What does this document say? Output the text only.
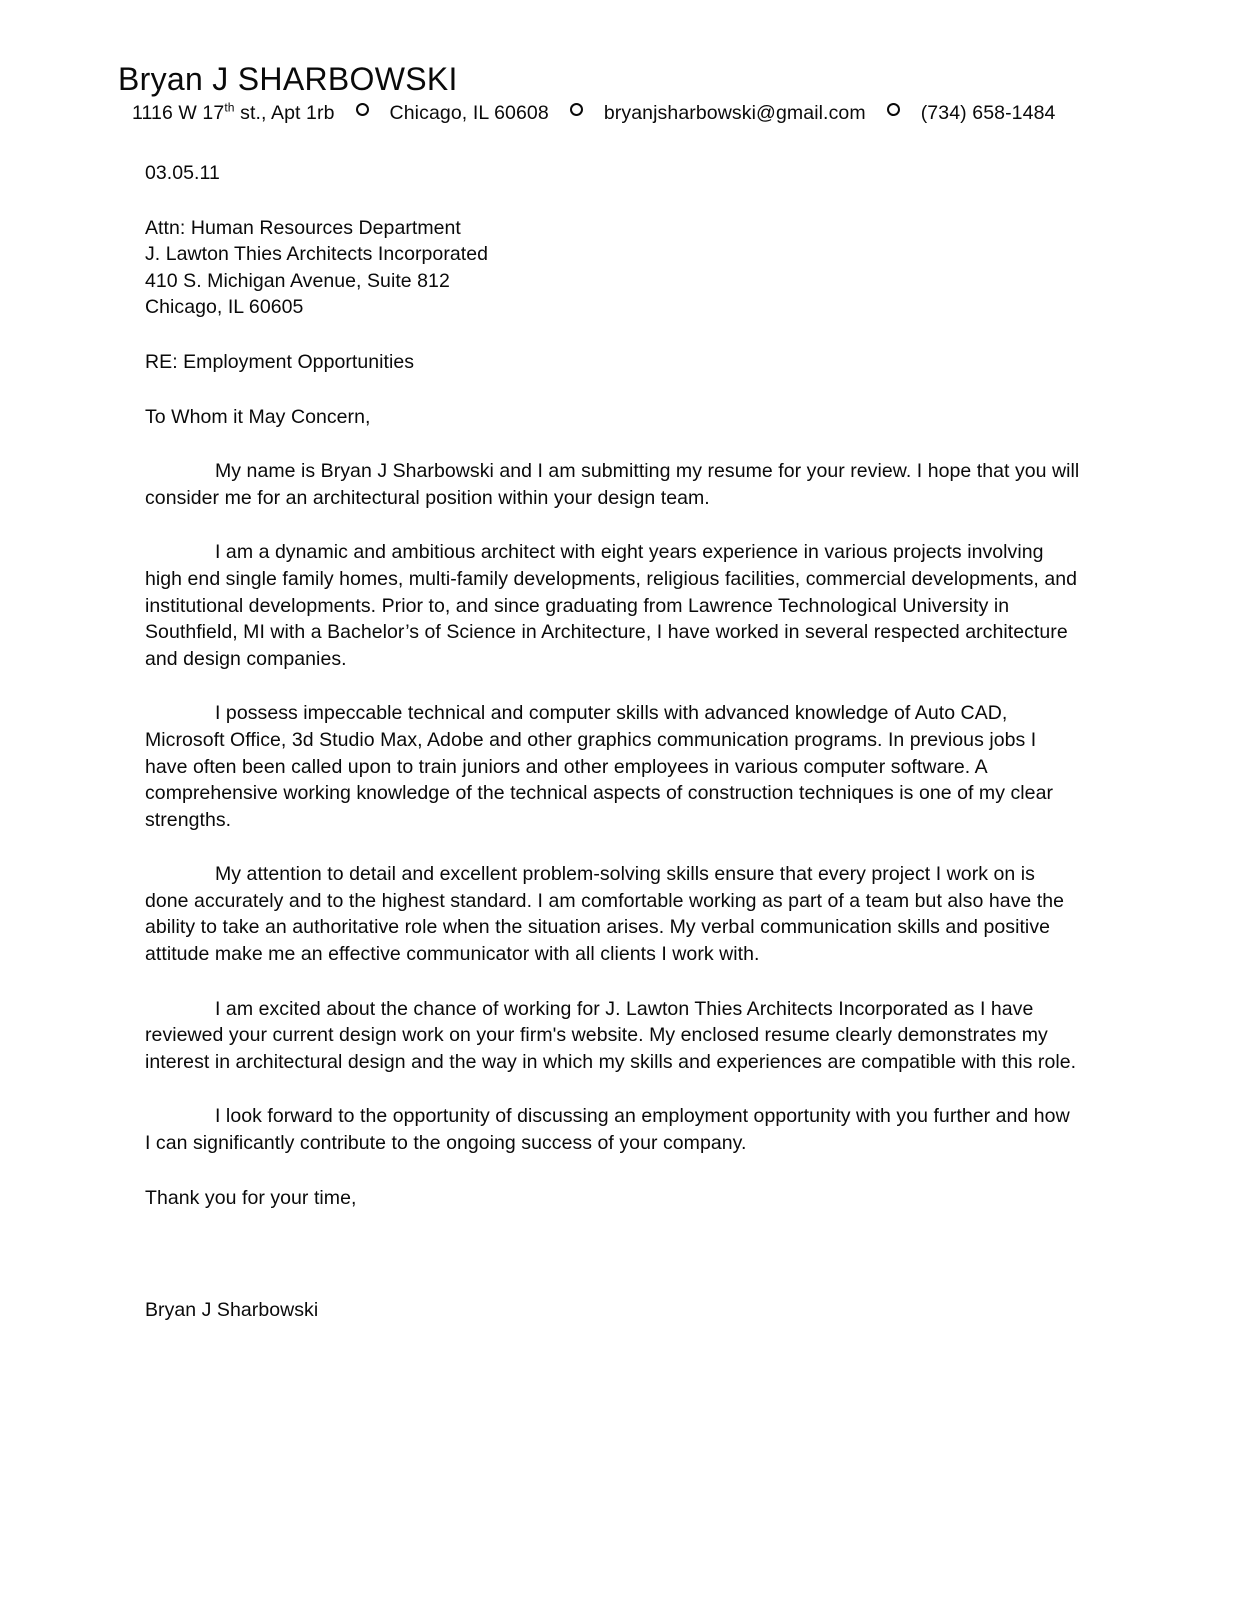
Bryan J SHARBOWSKI
1116 W 17th st., Apt 1rb	Chicago, IL 60608	bryanjsharbowski@gmail.com	(734) 658-1484

03.05.11

Attn: Human Resources Department

J. Lawton Thies Architects Incorporated

410 S. Michigan Avenue, Suite 812

Chicago, IL 60605

RE: Employment Opportunities

To Whom it May Concern,

My name is Bryan J Sharbowski and I am submitting my resume for your review. I hope that you will consider me for an architectural position within your design team.

I am a dynamic and ambitious architect with eight years experience in various projects involving high end single family homes, multi-family developments, religious facilities, commercial developments, and institutional developments. Prior to, and since graduating from Lawrence Technological University in Southfield, MI with a Bachelor’s of Science in Architecture, I have worked in several respected architecture and design companies.

I possess impeccable technical and computer skills with advanced knowledge of Auto CAD, Microsoft Office, 3d Studio Max, Adobe and other graphics communication programs. In previous jobs I have often been called upon to train juniors and other employees in various computer software. A comprehensive working knowledge of the technical aspects of construction techniques is one of my clear strengths.

My attention to detail and excellent problem-solving skills ensure that every project I work on is done accurately and to the highest standard. I am comfortable working as part of a team but also have the ability to take an authoritative role when the situation arises. My verbal communication skills and positive attitude make me an effective communicator with all clients I work with.

I am excited about the chance of working for J. Lawton Thies Architects Incorporated as I have reviewed your current design work on your firm's website. My enclosed resume clearly demonstrates my interest in architectural design and the way in which my skills and experiences are compatible with this role.

I look forward to the opportunity of discussing an employment opportunity with you further and how I can significantly contribute to the ongoing success of your company.

Thank you for your time,

Bryan J Sharbowski
